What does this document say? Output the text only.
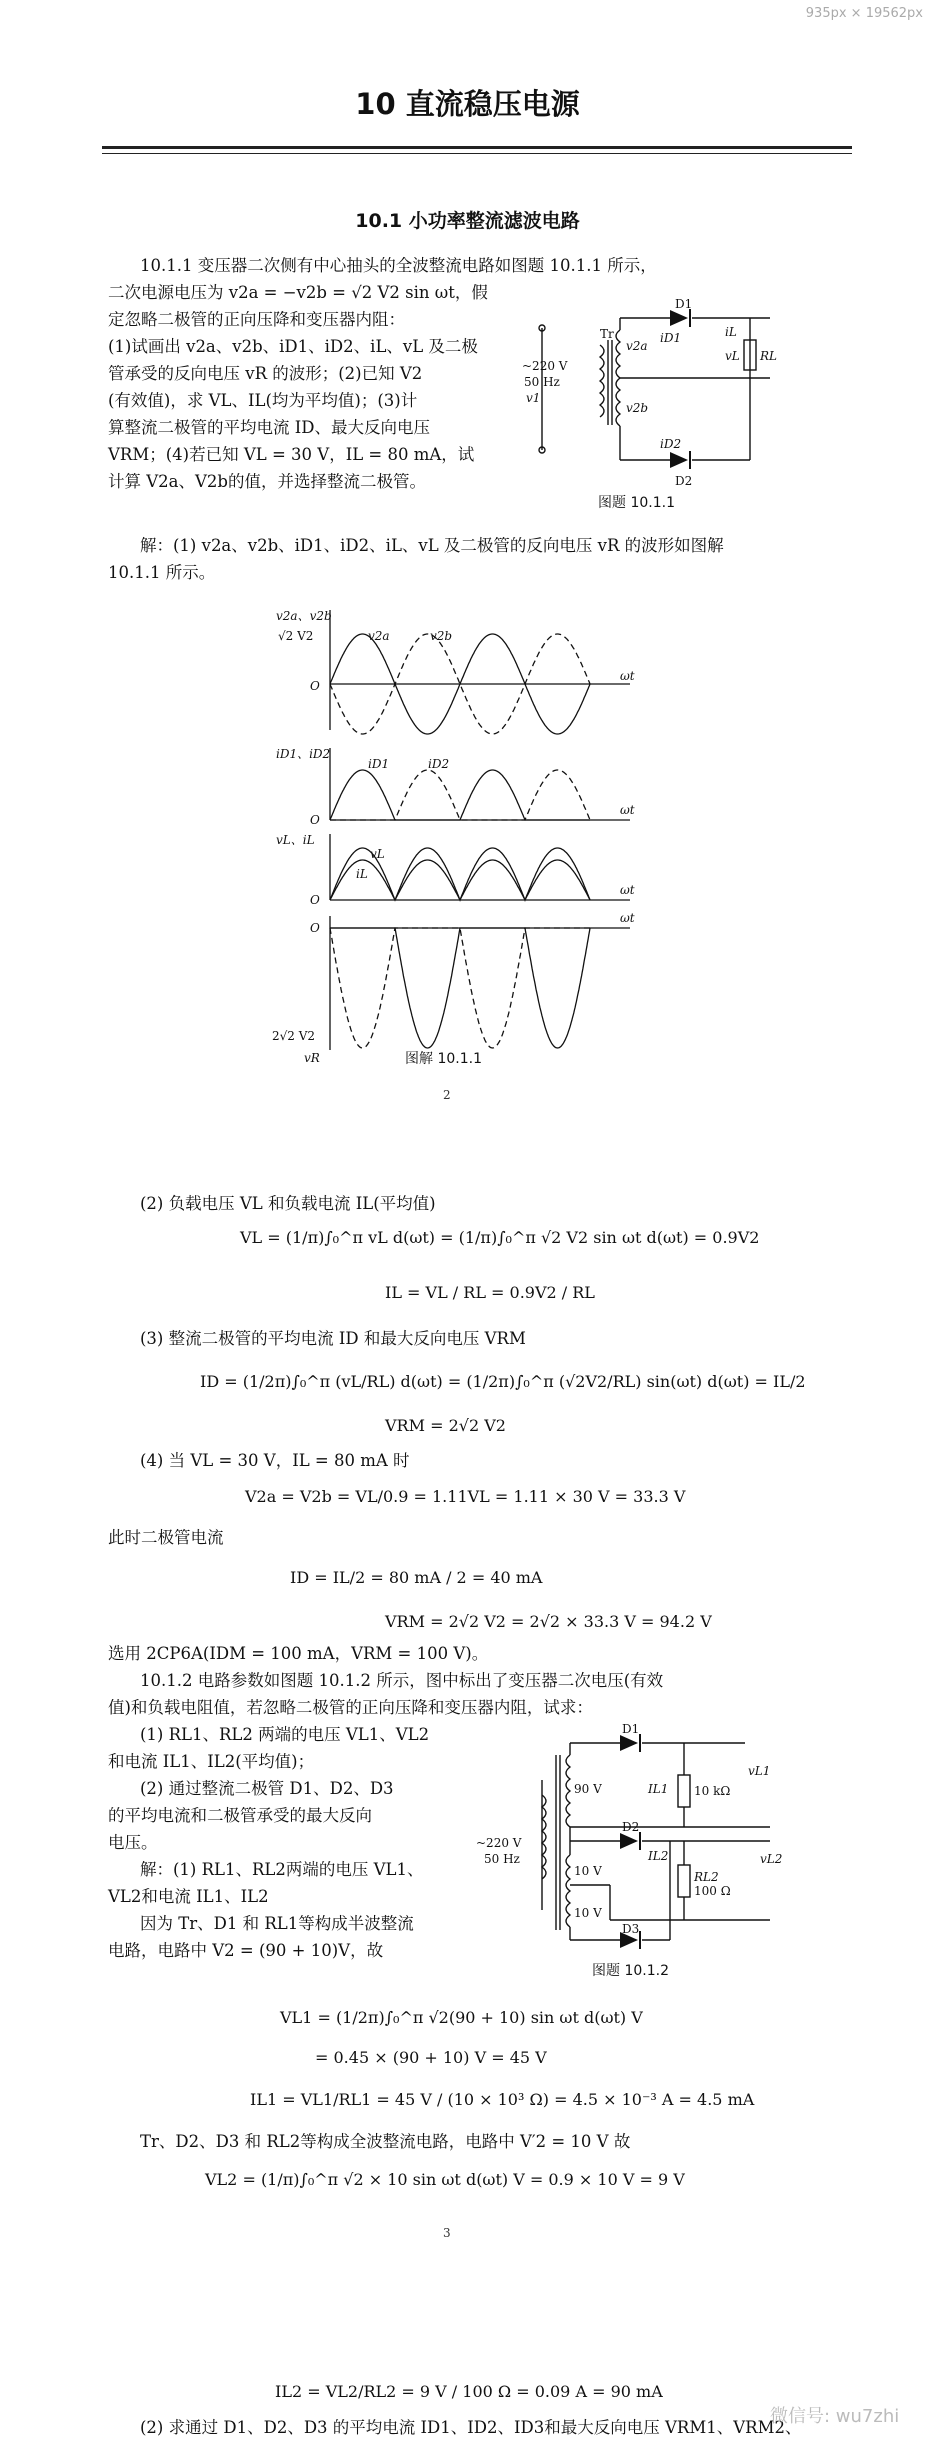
935px × 19562px
10 直流稳压电源
10.1 小功率整流滤波电路
10.1.1 变压器二次侧有中心抽头的全波整流电路如图题 10.1.1 所示，
二次电源电压为 v2a = −v2b = √2 V2 sin ωt，假
定忽略二极管的正向压降和变压器内阻：
(1)试画出 v2a、v2b、iD1、iD2、iL、vL 及二极
管承受的反向电压 vR 的波形；(2)已知 V2
(有效值)，求 VL、IL(均为平均值)；(3)计
算整流二极管的平均电流 ID、最大反向电压
VRM；(4)若已知 VL = 30 V，IL = 80 mA，试
计算 V2a、V2b的值，并选择整流二极管。
~220 V
50 Hz
v1
Tr
D1
D2
RL
vL
iL
v2a
v2b
iD1
iD2
图题 10.1.1
解：(1) v2a、v2b、iD1、iD2、iL、vL 及二极管的反向电压 vR 的波形如图解
10.1.1 所示。
v2a、v2b
√2 V2	v2a	v2b
O
ωt
iD1、iD2
iD1	iD2
O
ωt
vL、iL
vL
iL
O
ωt
O
ωt
2√2 V2
vR	图解 10.1.1
2
(2) 负载电压 VL 和负载电流 IL(平均值)
VL = (1/π)∫₀^π vL d(ωt) = (1/π)∫₀^π √2 V2 sin ωt d(ωt) = 0.9V2
IL = VL / RL = 0.9V2 / RL
(3) 整流二极管的平均电流 ID 和最大反向电压 VRM
ID = (1/2π)∫₀^π (vL/RL) d(ωt) = (1/2π)∫₀^π (√2V2/RL) sin(ωt) d(ωt) = IL/2
VRM = 2√2 V2
(4) 当 VL = 30 V，IL = 80 mA 时
V2a = V2b = VL/0.9 = 1.11VL = 1.11 × 30 V = 33.3 V
此时二极管电流
ID = IL/2 = 80 mA / 2 = 40 mA
VRM = 2√2 V2 = 2√2 × 33.3 V = 94.2 V
选用 2CP6A(IDM = 100 mA，VRM = 100 V)。
10.1.2 电路参数如图题 10.1.2 所示，图中标出了变压器二次电压(有效
值)和负载电阻值，若忽略二极管的正向压降和变压器内阻，试求：
(1) RL1、RL2 两端的电压 VL1、VL2
和电流 IL1、IL2(平均值)；
(2) 通过整流二极管 D1、D2、D3
的平均电流和二极管承受的最大反向
电压。
解：(1) RL1、RL2两端的电压 VL1、
VL2和电流 IL1、IL2
因为 Tr、D1 和 RL1等构成半波整流
电路，电路中 V2 = (90 + 10)V，故
~220 V
50 Hz
90 V
10 V
10 V
D1
D2
D3
IL1
IL2
10 kΩ
RL2
100 Ω
vL1
vL2
图题 10.1.2
VL1 = (1/2π)∫₀^π √2(90 + 10) sin ωt d(ωt) V
= 0.45 × (90 + 10) V = 45 V
IL1 = VL1/RL1 = 45 V / (10 × 10³ Ω) = 4.5 × 10⁻³ A = 4.5 mA
Tr、D2、D3 和 RL2等构成全波整流电路，电路中 V′2 = 10 V 故
VL2 = (1/π)∫₀^π √2 × 10 sin ωt d(ωt) V = 0.9 × 10 V = 9 V
3
IL2 = VL2/RL2 = 9 V / 100 Ω = 0.09 A = 90 mA
(2) 求通过 D1、D2、D3 的平均电流 ID1、ID2、ID3和最大反向电压 VRM1、VRM2、
微信号: wu7zhi
